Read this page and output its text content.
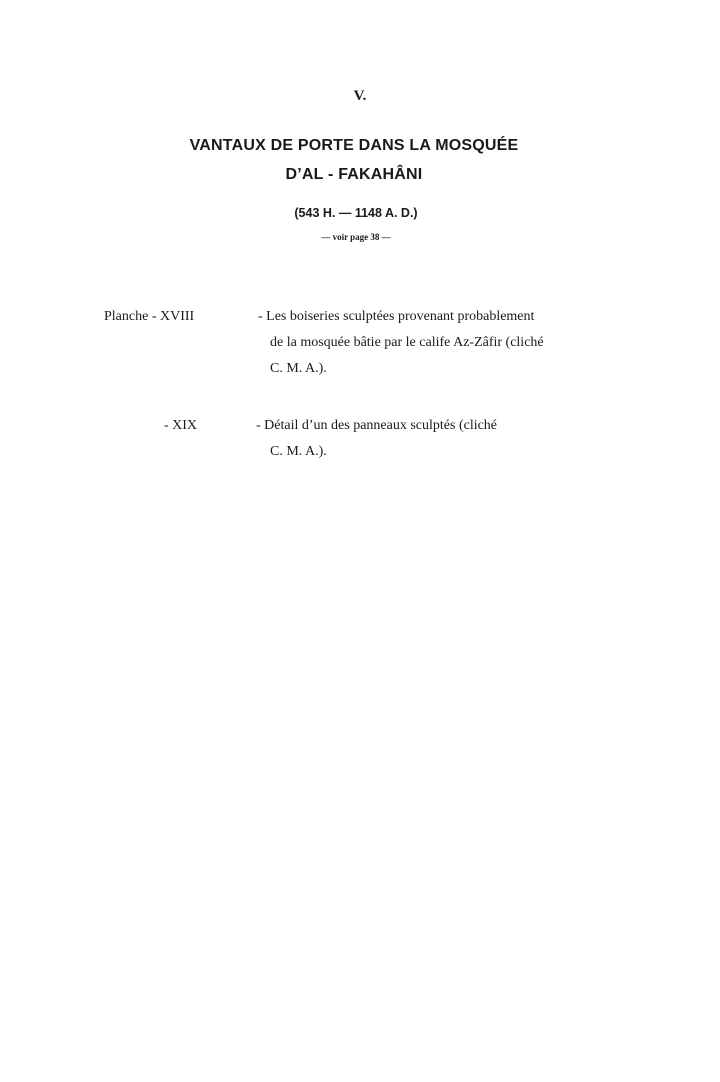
V.
VANTAUX DE PORTE DANS LA MOSQUÉE
D’AL - FAKAHÂNI
(543 H. — 1148 A. D.)
— voir page 38 —
Planche - XVIII	- Les boiseries sculptées provenant probablement
de la mosquée bâtie par le calife Az-Zâfir (cliché
C. M. A.).
- XIX	- Détail d’un des panneaux sculptés (cliché
C. M. A.).
